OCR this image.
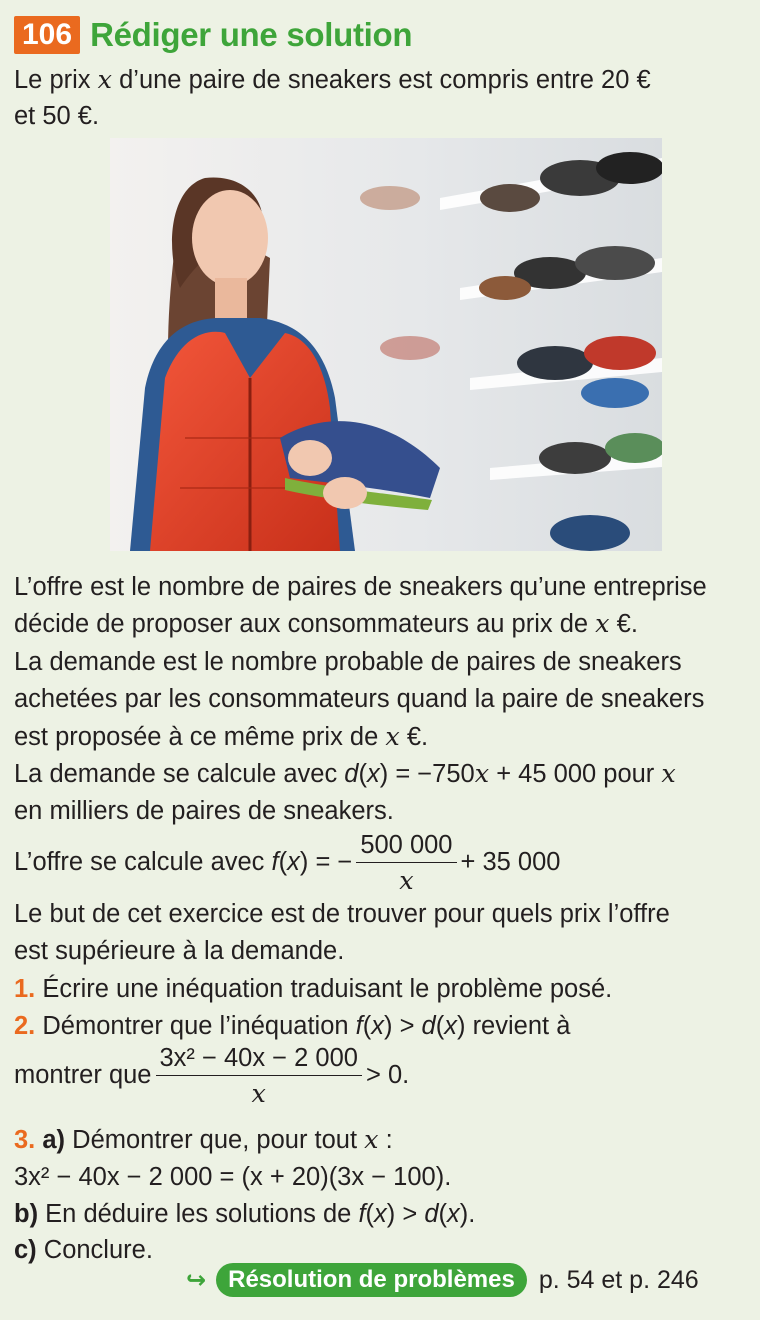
106 Rédiger une solution
Le prix x d’une paire de sneakers est compris entre 20 €
et 50 €.
L’offre est le nombre de paires de sneakers qu’une entreprise
décide de proposer aux consommateurs au prix de x €.
La demande est le nombre probable de paires de sneakers
achetées par les consommateurs quand la paire de sneakers
est proposée à ce même prix de x €.
La demande se calcule avec d(x) = −750x + 45 000 pour x
en milliers de paires de sneakers.
L’offre se calcule avec f(x) = − $\frac{500 000}{x} + 35$ 000
Le but de cet exercice est de trouver pour quels prix l’offre
est supérieure à la demande.
1. Écrire une inéquation traduisant le problème posé.
2. Démontrer que l’inéquation f(x) > d(x) revient à
montrer que $\frac{\text{3x² − 40x − 2 000}}{x} > 0$.
3. a) Démontrer que, pour tout x :
3x² − 40x − 2 000 = (x + 20)(3x − 100).
b) En déduire les solutions de f(x) > d(x).
c) Conclure.
↪ Résolution de problèmes p. 54 et p. 246
